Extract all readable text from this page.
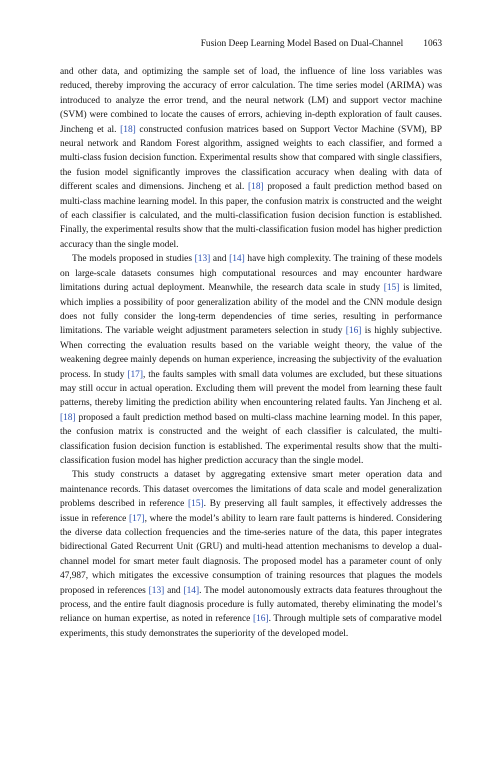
Fusion Deep Learning Model Based on Dual-Channel 1063

and other data, and optimizing the sample set of load, the influence of line loss variables was reduced, thereby improving the accuracy of error calculation. The time series model (ARIMA) was introduced to analyze the error trend, and the neural network (LM) and support vector machine (SVM) were combined to locate the causes of errors, achieving in-depth exploration of fault causes. Jincheng et al. [18] constructed confusion matrices based on Support Vector Machine (SVM), BP neural network and Random Forest algorithm, assigned weights to each classifier, and formed a multi-class fusion decision function. Experimental results show that compared with single classifiers, the fusion model significantly improves the classification accuracy when dealing with data of different scales and dimensions. Jincheng et al. [18] proposed a fault prediction method based on multi-class machine learning model. In this paper, the confusion matrix is constructed and the weight of each classifier is calculated, and the multi-classification fusion decision function is established. Finally, the experimental results show that the multi-classification fusion model has higher prediction accuracy than the single model.

The models proposed in studies [13] and [14] have high complexity. The training of these models on large-scale datasets consumes high computational resources and may encounter hardware limitations during actual deployment. Meanwhile, the research data scale in study [15] is limited, which implies a possibility of poor generalization ability of the model and the CNN module design does not fully consider the long-term dependencies of time series, resulting in performance limitations. The variable weight adjustment parameters selection in study [16] is highly subjective. When correcting the evaluation results based on the variable weight theory, the value of the weakening degree mainly depends on human experience, increasing the subjectivity of the evaluation process. In study [17], the faults samples with small data volumes are excluded, but these situations may still occur in actual operation. Excluding them will prevent the model from learning these fault patterns, thereby limiting the prediction ability when encountering related faults. Yan Jincheng et al. [18] proposed a fault prediction method based on multi-class machine learning model. In this paper, the confusion matrix is constructed and the weight of each classifier is calculated, the multi-classification fusion decision function is established. The experimental results show that the multi-classification fusion model has higher prediction accuracy than the single model.

This study constructs a dataset by aggregating extensive smart meter operation data and maintenance records. This dataset overcomes the limitations of data scale and model generalization problems described in reference [15]. By preserving all fault samples, it effectively addresses the issue in reference [17], where the model’s ability to learn rare fault patterns is hindered. Considering the diverse data collection frequencies and the time-series nature of the data, this paper integrates bidirectional Gated Recurrent Unit (GRU) and multi-head attention mechanisms to develop a dual-channel model for smart meter fault diagnosis. The proposed model has a parameter count of only 47,987, which mitigates the excessive consumption of training resources that plagues the models proposed in references [13] and [14]. The model autonomously extracts data features throughout the process, and the entire fault diagnosis procedure is fully automated, thereby eliminating the model’s reliance on human expertise, as noted in reference [16]. Through multiple sets of comparative model experiments, this study demonstrates the superiority of the developed model.
